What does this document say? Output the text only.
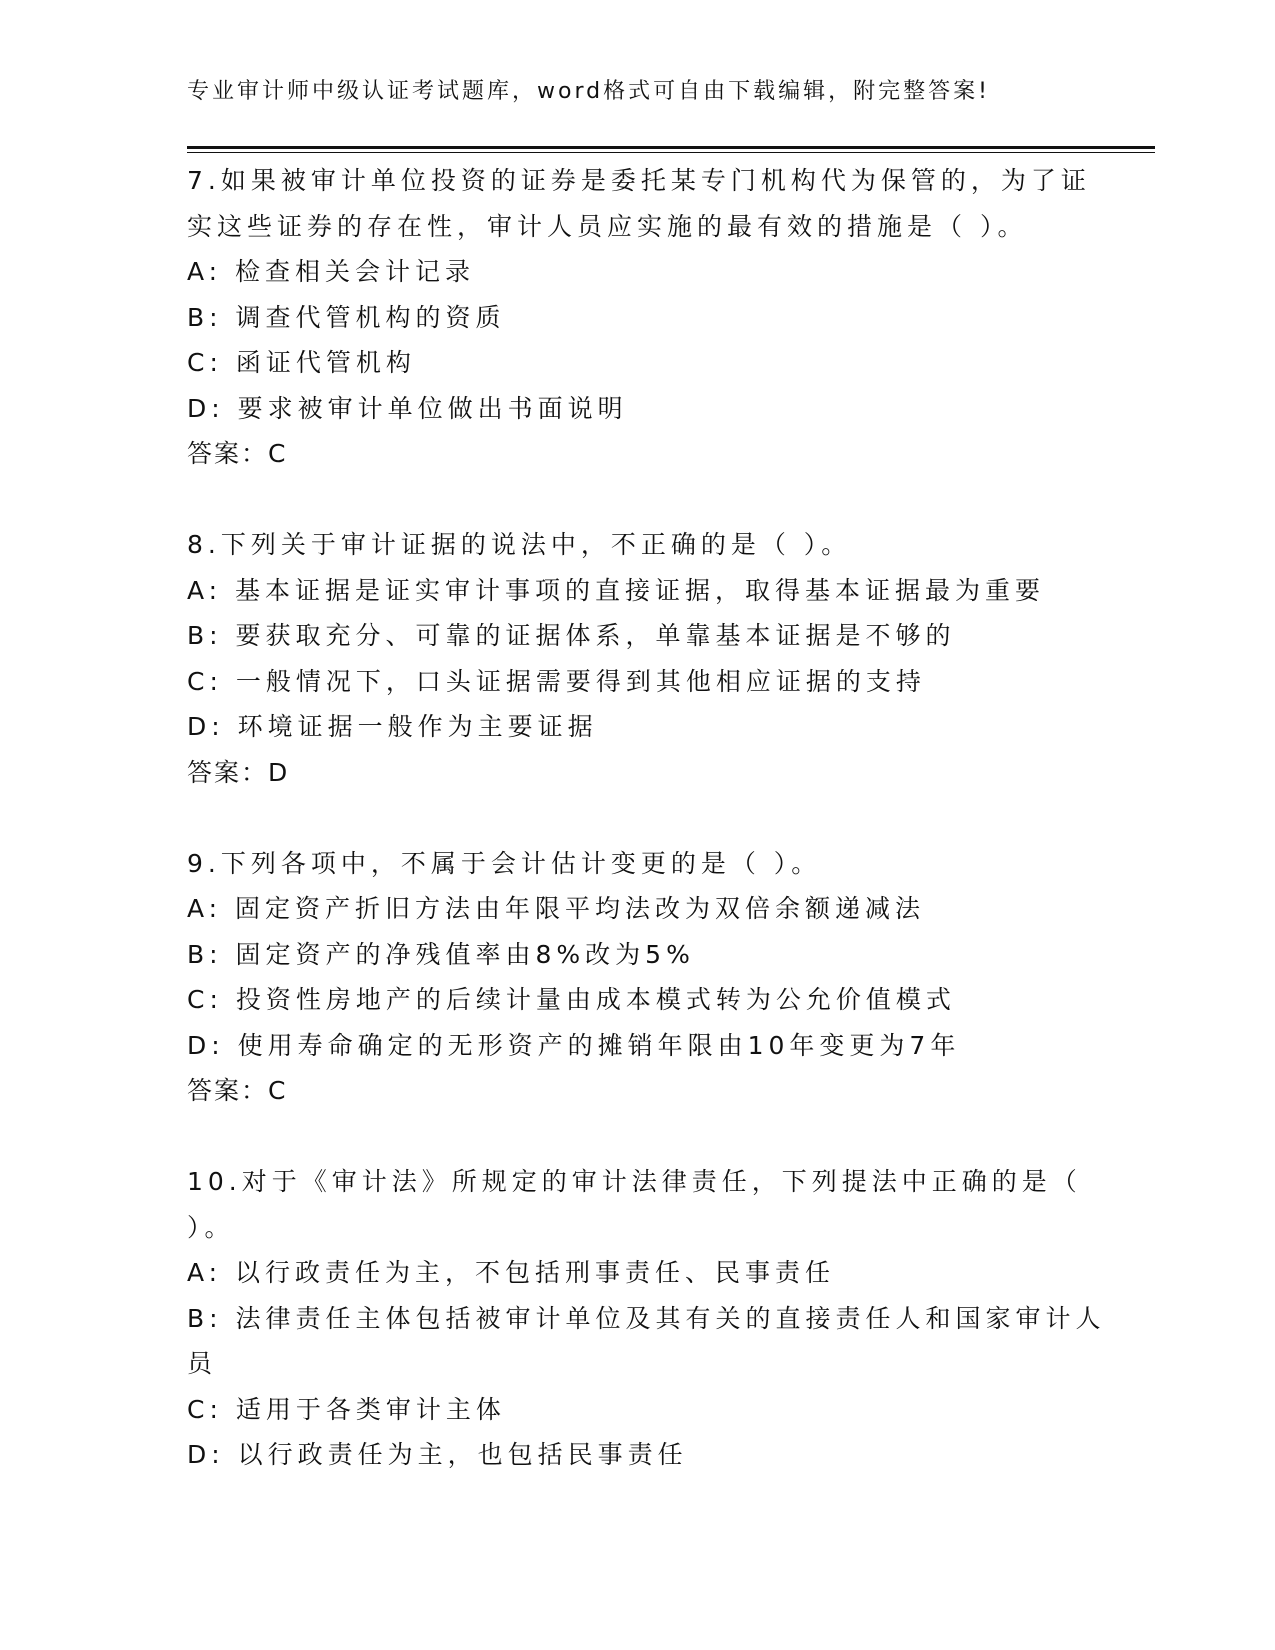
专业审计师中级认证考试题库，word格式可自由下载编辑，附完整答案!
7.如果被审计单位投资的证券是委托某专门机构代为保管的，为了证
实这些证券的存在性，审计人员应实施的最有效的措施是（ ）。
A: 检查相关会计记录
B: 调查代管机构的资质
C: 函证代管机构
D: 要求被审计单位做出书面说明
答案：C
8.下列关于审计证据的说法中，不正确的是（ ）。
A: 基本证据是证实审计事项的直接证据，取得基本证据最为重要
B: 要获取充分、可靠的证据体系，单靠基本证据是不够的
C: 一般情况下，口头证据需要得到其他相应证据的支持
D: 环境证据一般作为主要证据
答案：D
9.下列各项中，不属于会计估计变更的是（ ）。
A: 固定资产折旧方法由年限平均法改为双倍余额递减法
B: 固定资产的净残值率由8%改为5%
C: 投资性房地产的后续计量由成本模式转为公允价值模式
D: 使用寿命确定的无形资产的摊销年限由10年变更为7年
答案：C
10.对于《审计法》所规定的审计法律责任，下列提法中正确的是（
）。
A: 以行政责任为主，不包括刑事责任、民事责任
B: 法律责任主体包括被审计单位及其有关的直接责任人和国家审计人
员
C: 适用于各类审计主体
D: 以行政责任为主，也包括民事责任
